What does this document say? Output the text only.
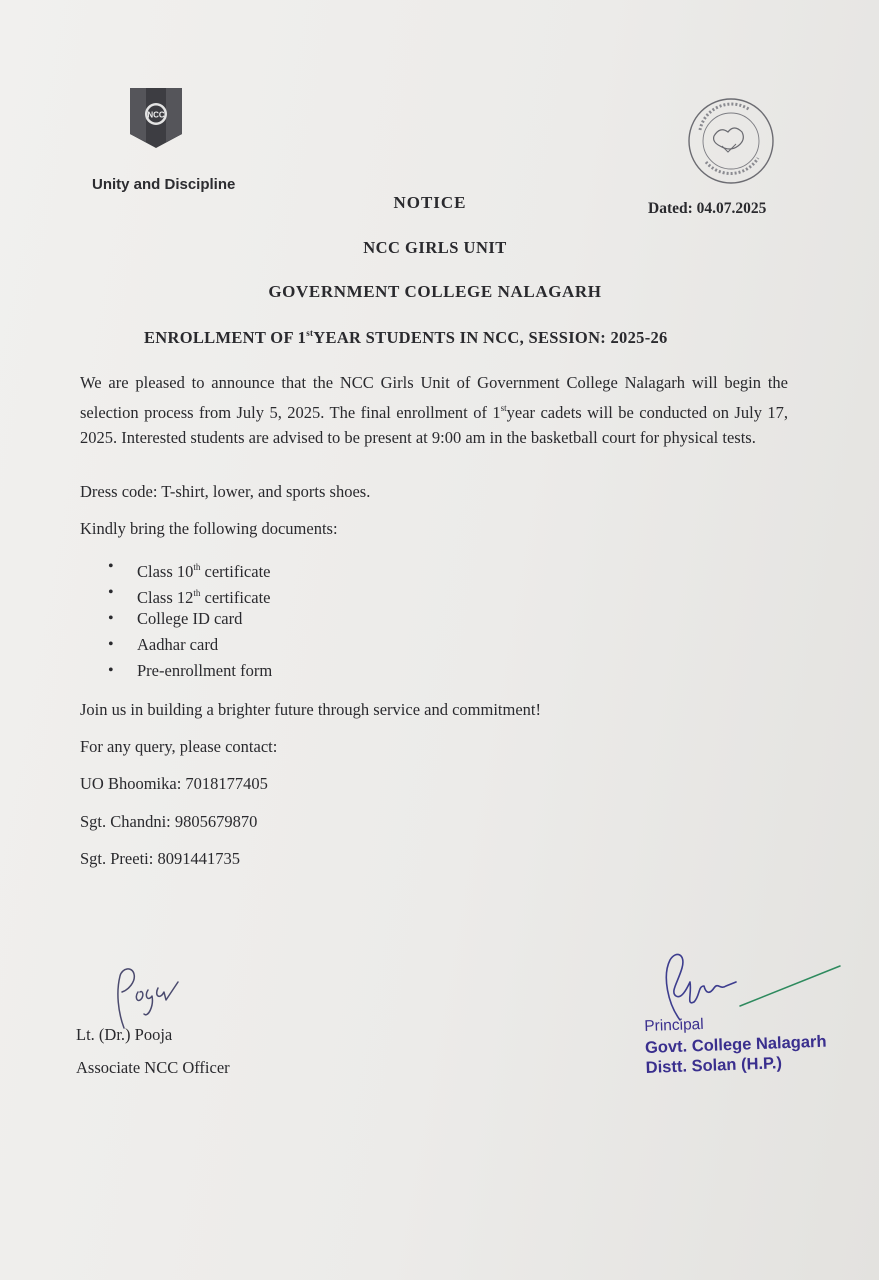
NCC
Unity and Discipline
NOTICE	Dated: 04.07.2025
NCC GIRLS UNIT
GOVERNMENT COLLEGE NALAGARH
ENROLLMENT OF 1stYEAR STUDENTS IN NCC, SESSION: 2025-26
We are pleased to announce that the NCC Girls Unit of Government College Nalagarh will begin the selection process from July 5, 2025. The final enrollment of 1styear cadets will be conducted on July 17, 2025. Interested students are advised to be present at 9:00 am in the basketball court for physical tests.
Dress code: T-shirt, lower, and sports shoes.
Kindly bring the following documents:
• Class 10th certificate
• Class 12th certificate
• College ID card
• Aadhar card
• Pre-enrollment form
Join us in building a brighter future through service and commitment!
For any query, please contact:
UO Bhoomika: 7018177405
Sgt. Chandni: 9805679870
Sgt. Preeti: 8091441735
Lt. (Dr.) Pooja
Associate NCC Officer
Principal
Govt. College Nalagarh
Distt. Solan (H.P.)
